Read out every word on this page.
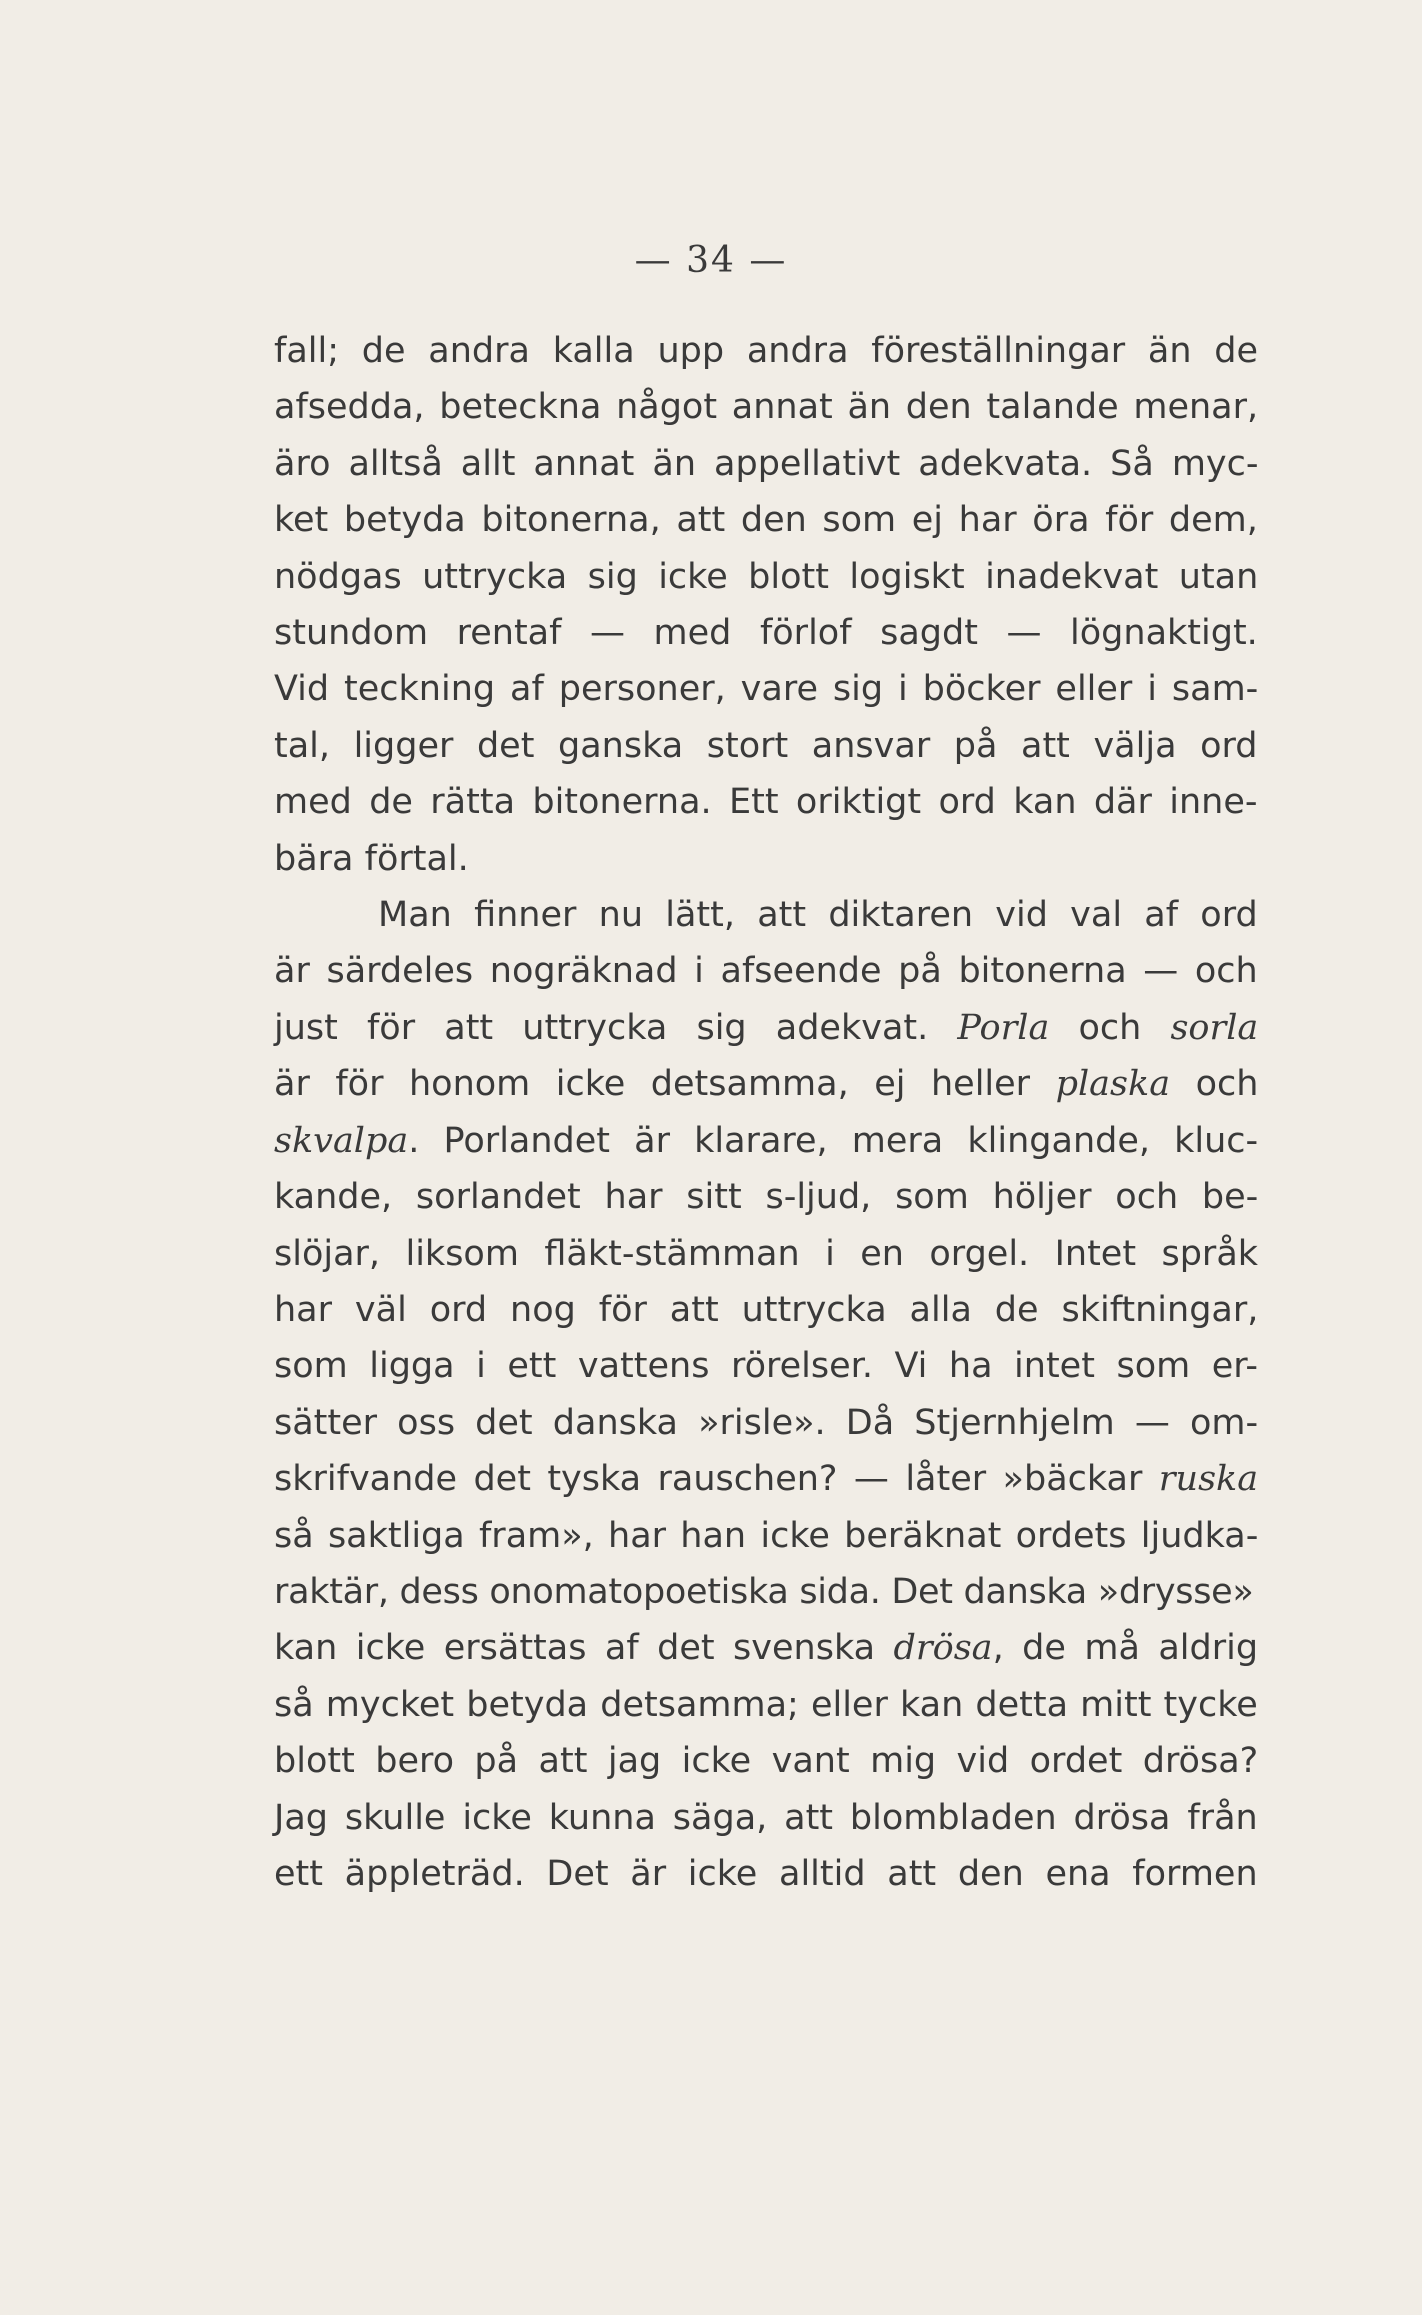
— 34 —
fall; de andra kalla upp andra föreställningar än de
afsedda, beteckna något annat än den talande menar,
äro alltså allt annat än appellativt adekvata. Så myc-
ket betyda bitonerna, att den som ej har öra för dem,
nödgas uttrycka sig icke blott logiskt inadekvat utan
stundom rentaf — med förlof sagdt — lögnaktigt.
Vid teckning af personer, vare sig i böcker eller i sam-
tal, ligger det ganska stort ansvar på att välja ord
med de rätta bitonerna. Ett oriktigt ord kan där inne-
bära förtal.
Man finner nu lätt, att diktaren vid val af ord
är särdeles nogräknad i afseende på bitonerna — och
just för att uttrycka sig adekvat. Porla och sorla
är för honom icke detsamma, ej heller plaska och
skvalpa. Porlandet är klarare, mera klingande, kluc-
kande, sorlandet har sitt s-ljud, som höljer och be-
slöjar, liksom fläkt-stämman i en orgel. Intet språk
har väl ord nog för att uttrycka alla de skiftningar,
som ligga i ett vattens rörelser. Vi ha intet som er-
sätter oss det danska »risle». Då Stjernhjelm — om-
skrifvande det tyska rauschen? — låter »bäckar ruska
så saktliga fram», har han icke beräknat ordets ljudka-
raktär, dess onomatopoetiska sida. Det danska »drysse»
kan icke ersättas af det svenska drösa, de må aldrig
så mycket betyda detsamma; eller kan detta mitt tycke
blott bero på att jag icke vant mig vid ordet drösa?
Jag skulle icke kunna säga, att blombladen drösa från
ett äppleträd. Det är icke alltid att den ena formen
